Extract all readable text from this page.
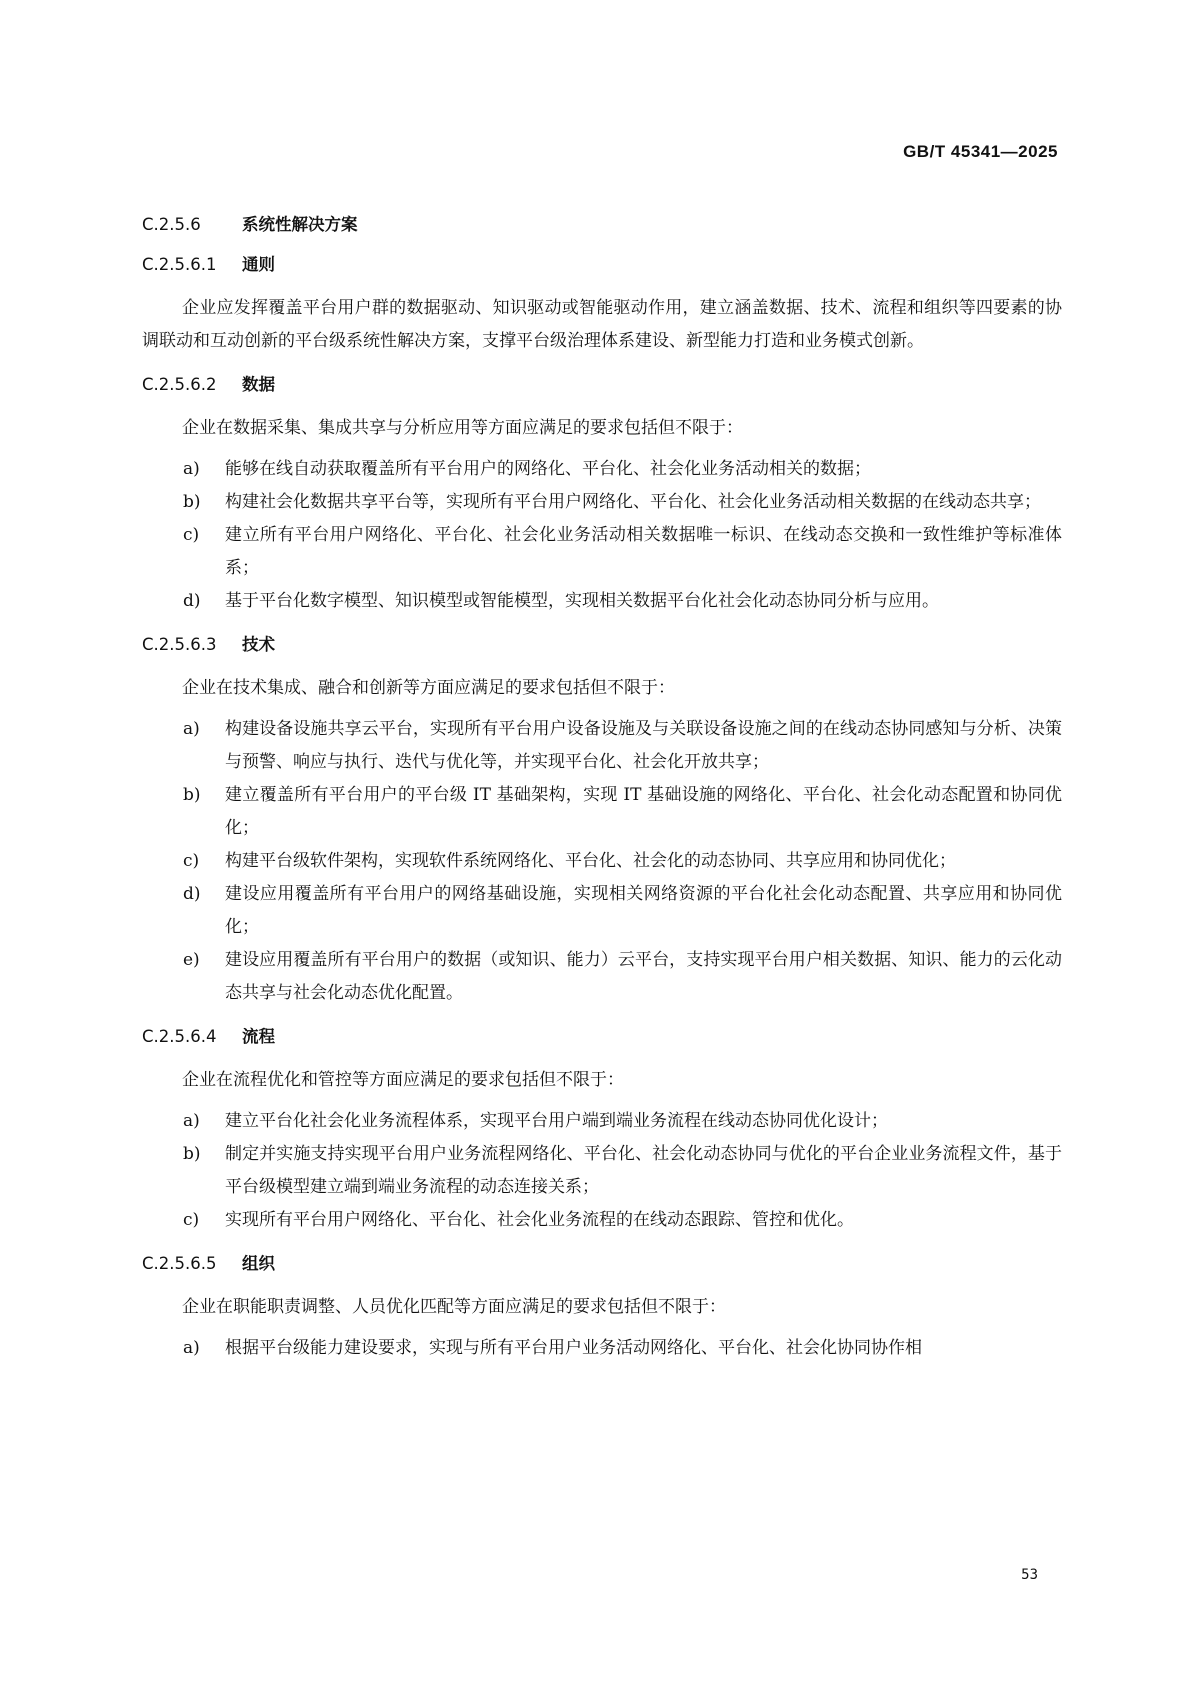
GB/T 45341—2025
C.2.5.6	系统性解决方案
C.2.5.6.1 通则

企业应发挥覆盖平台用户群的数据驱动、知识驱动或智能驱动作用，建立涵盖数据、技术、流程和组织等四要素的协调联动和互动创新的平台级系统性解决方案，支撑平台级治理体系建设、新型能力打造和业务模式创新。

C.2.5.6.2 数据

企业在数据采集、集成共享与分析应用等方面应满足的要求包括但不限于：

a)	能够在线自动获取覆盖所有平台用户的网络化、平台化、社会化业务活动相关的数据；
b)	构建社会化数据共享平台等，实现所有平台用户网络化、平台化、社会化业务活动相关数据的在线动态共享；
c)	建立所有平台用户网络化、平台化、社会化业务活动相关数据唯一标识、在线动态交换和一致性维护等标准体系；
d)	基于平台化数字模型、知识模型或智能模型，实现相关数据平台化社会化动态协同分析与应用。
C.2.5.6.3 技术

企业在技术集成、融合和创新等方面应满足的要求包括但不限于：

a)	构建设备设施共享云平台，实现所有平台用户设备设施及与关联设备设施之间的在线动态协同感知与分析、决策与预警、响应与执行、迭代与优化等，并实现平台化、社会化开放共享；
b)	建立覆盖所有平台用户的平台级 IT 基础架构，实现 IT 基础设施的网络化、平台化、社会化动态配置和协同优化；
c)	构建平台级软件架构，实现软件系统网络化、平台化、社会化的动态协同、共享应用和协同优化；
d)	建设应用覆盖所有平台用户的网络基础设施，实现相关网络资源的平台化社会化动态配置、共享应用和协同优化；
e)	建设应用覆盖所有平台用户的数据（或知识、能力）云平台，支持实现平台用户相关数据、知识、能力的云化动态共享与社会化动态优化配置。
C.2.5.6.4 流程

企业在流程优化和管控等方面应满足的要求包括但不限于：

a)	建立平台化社会化业务流程体系，实现平台用户端到端业务流程在线动态协同优化设计；
b)	制定并实施支持实现平台用户业务流程网络化、平台化、社会化动态协同与优化的平台企业业务流程文件，基于平台级模型建立端到端业务流程的动态连接关系；
c)	实现所有平台用户网络化、平台化、社会化业务流程的在线动态跟踪、管控和优化。
C.2.5.6.5 组织

企业在职能职责调整、人员优化匹配等方面应满足的要求包括但不限于：

a)	根据平台级能力建设要求，实现与所有平台用户业务活动网络化、平台化、社会化协同协作相
53
